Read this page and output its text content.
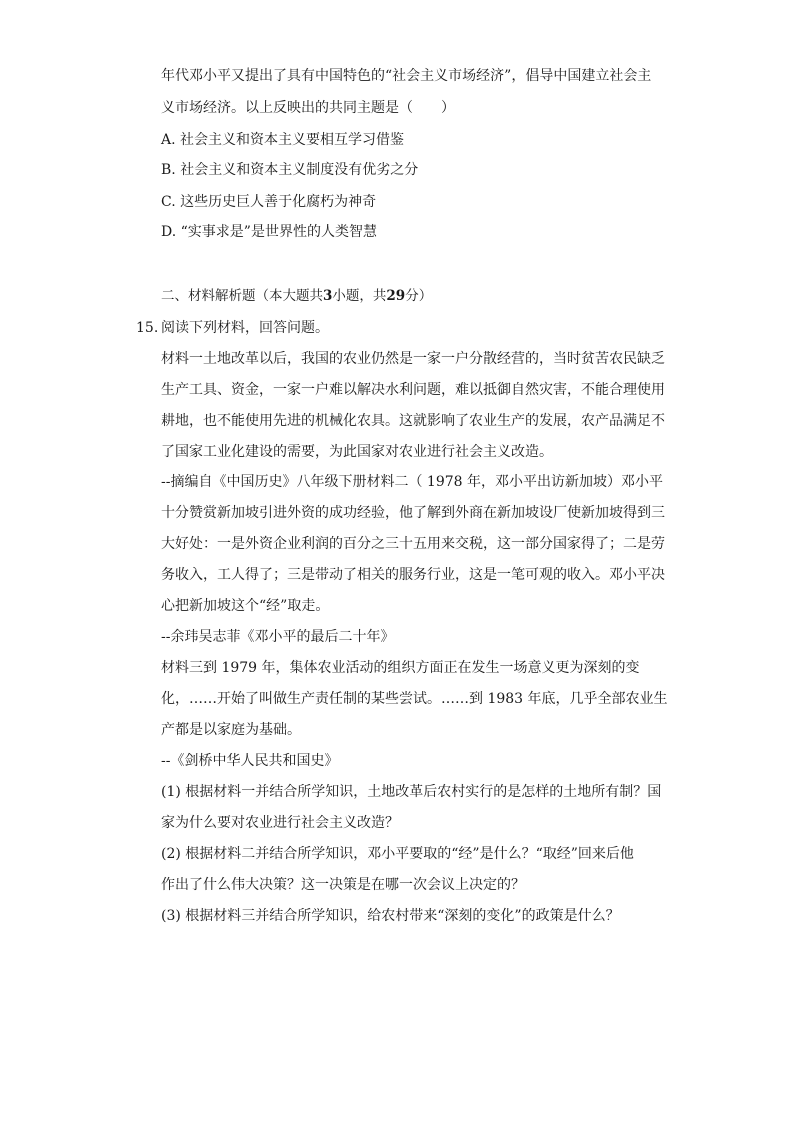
年代邓小平又提出了具有中国特色的“社会主义市场经济”，倡导中国建立社会主
义市场经济。以上反映出的共同主题是（　　）
A. 社会主义和资本主义要相互学习借鉴
B. 社会主义和资本主义制度没有优劣之分
C. 这些历史巨人善于化腐朽为神奇
D. “实事求是”是世界性的人类智慧
二、材料解析题（本大题共3小题，共29分）
15. 阅读下列材料，回答问题。
材料一土地改革以后，我国的农业仍然是一家一户分散经营的，当时贫苦农民缺乏
生产工具、资金，一家一户难以解决水利问题，难以抵御自然灾害，不能合理使用
耕地，也不能使用先进的机械化农具。这就影响了农业生产的发展，农产品满足不
了国家工业化建设的需要，为此国家对农业进行社会主义改造。
--摘编自《中国历史》八年级下册材料二（ 1978 年，邓小平出访新加坡）邓小平
十分赞赏新加坡引进外资的成功经验，他了解到外商在新加坡设厂使新加坡得到三
大好处：一是外资企业利润的百分之三十五用来交税，这一部分国家得了；二是劳
务收入，工人得了；三是带动了相关的服务行业，这是一笔可观的收入。邓小平决
心把新加坡这个“经”取走。
--余玮吴志菲《邓小平的最后二十年》
材料三到 1979 年，集体农业活动的组织方面正在发生一场意义更为深刻的变
化，……开始了叫做生产责任制的某些尝试。……到 1983 年底，几乎全部农业生
产都是以家庭为基础。
--《剑桥中华人民共和国史》
(1) 根据材料一并结合所学知识，土地改革后农村实行的是怎样的土地所有制？国
家为什么要对农业进行社会主义改造？
(2) 根据材料二并结合所学知识，邓小平要取的“经”是什么？“取经”回来后他
作出了什么伟大决策？这一决策是在哪一次会议上决定的？
(3) 根据材料三并结合所学知识，给农村带来“深刻的变化”的政策是什么？
